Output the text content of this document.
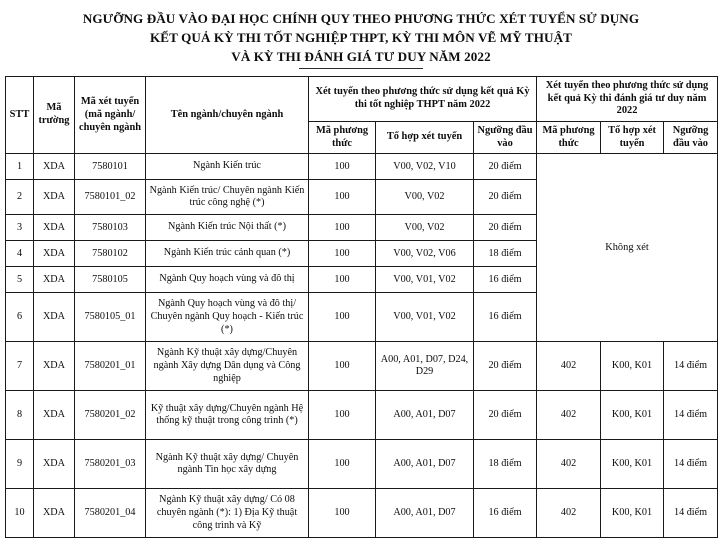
NGƯỠNG ĐẦU VÀO ĐẠI HỌC CHÍNH QUY THEO PHƯƠNG THỨC XÉT TUYỂN SỬ DỤNG
KẾT QUẢ KỲ THI TỐT NGHIỆP THPT, KỲ THI MÔN VẼ MỸ THUẬT
VÀ KỲ THI ĐÁNH GIÁ TƯ DUY NĂM 2022
STT	Mã trường	Mã xét tuyển (mã ngành/ chuyên ngành	Tên ngành/chuyên ngành	Xét tuyển theo phương thức sử dụng kết quả Kỳ thi tốt nghiệp THPT năm 2022			Xét tuyển theo phương thức sử dụng kết quả Kỳ thi đánh giá tư duy năm 2022		
				Mã phương thức	Tổ hợp xét tuyển	Ngưỡng đầu vào	Mã phương thức	Tổ hợp xét tuyển	Ngưỡng đầu vào
1	XDA	7580101	Ngành Kiến trúc	100	V00, V02, V10	20 điểm	Không xét		
2	XDA	7580101_02	Ngành Kiến trúc/ Chuyên ngành Kiến trúc công nghệ (*)	100	V00, V02	20 điểm			
3	XDA	7580103	Ngành Kiến trúc Nội thất (*)	100	V00, V02	20 điểm			
4	XDA	7580102	Ngành Kiến trúc cảnh quan (*)	100	V00, V02, V06	18 điểm			
5	XDA	7580105	Ngành Quy hoạch vùng và đô thị	100	V00, V01, V02	16 điểm			
6	XDA	7580105_01	Ngành Quy hoạch vùng và đô thị/ Chuyên ngành Quy hoạch - Kiến trúc (*)	100	V00, V01, V02	16 điểm			
7	XDA	7580201_01	Ngành Kỹ thuật xây dựng/Chuyên ngành Xây dựng Dân dụng và Công nghiệp	100	A00, A01, D07, D24, D29	20 điểm	402	K00, K01	14 điểm
8	XDA	7580201_02	Kỹ thuật xây dựng/Chuyên ngành Hệ thống kỹ thuật trong công trình (*)	100	A00, A01, D07	20 điểm	402	K00, K01	14 điểm
9	XDA	7580201_03	Ngành Kỹ thuật xây dựng/ Chuyên ngành Tin học xây dựng	100	A00, A01, D07	18 điểm	402	K00, K01	14 điểm
10	XDA	7580201_04	Ngành Kỹ thuật xây dựng/ Có 08 chuyên ngành (*): 1) Địa Kỹ thuật công trình và Kỹ	100	A00, A01, D07	16 điểm	402	K00, K01	14 điểm
